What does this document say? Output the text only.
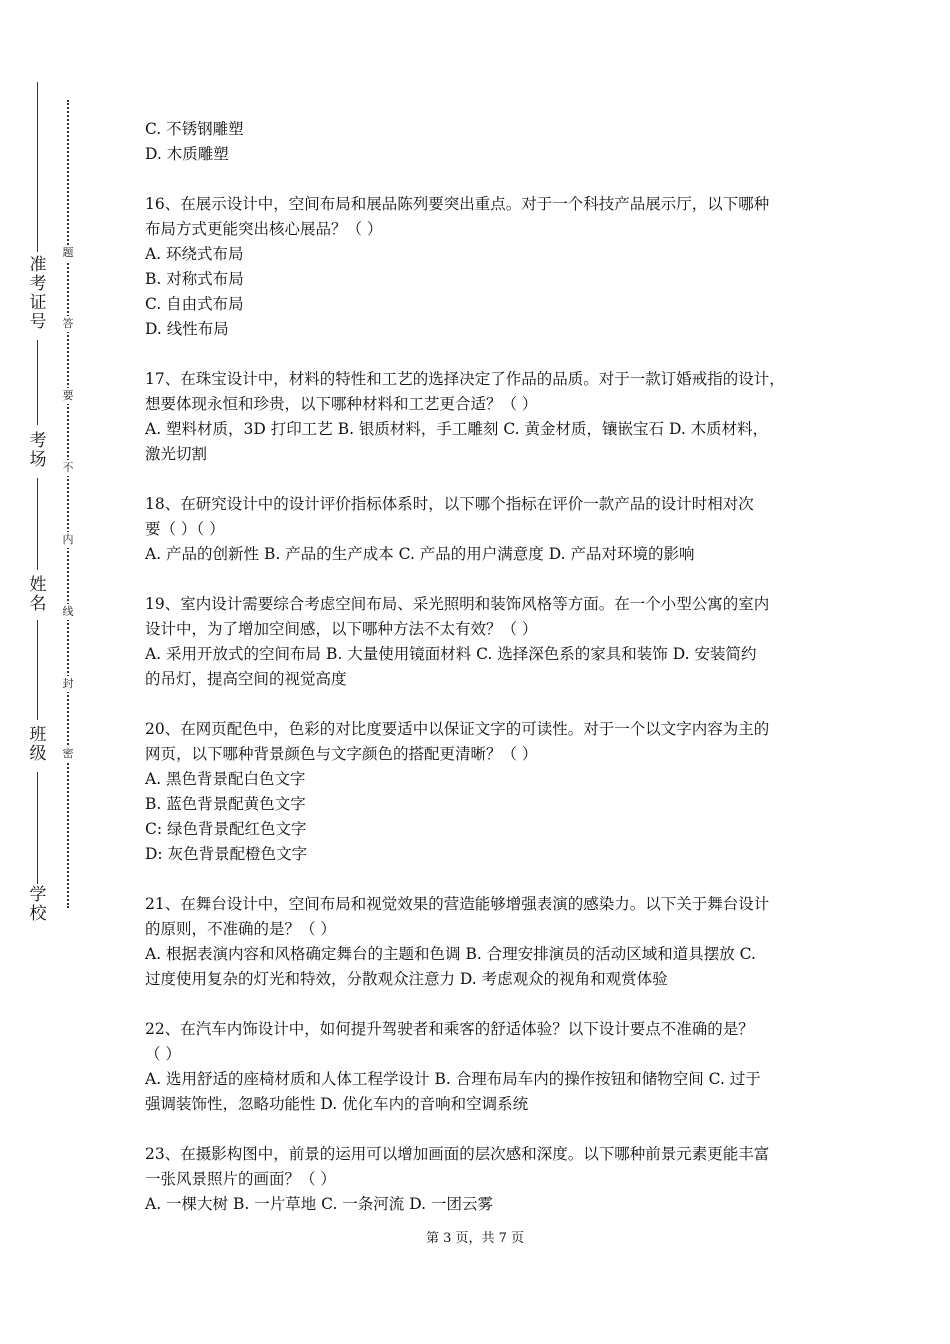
准
考
证
号
考
场
姓
名
班
级
学
校
题
答
要
不
内
线
封
密

C. 不锈钢雕塑

D. 木质雕塑

16、在展示设计中，空间布局和展品陈列要突出重点。对于一个科技产品展示厅，以下哪种

布局方式更能突出核心展品？（ ）

A. 环绕式布局

B. 对称式布局

C. 自由式布局

D. 线性布局

17、在珠宝设计中，材料的特性和工艺的选择决定了作品的品质。对于一款订婚戒指的设计，

想要体现永恒和珍贵，以下哪种材料和工艺更合适？（ ）

A. 塑料材质，3D 打印工艺 B. 银质材料，手工雕刻 C. 黄金材质，镶嵌宝石 D. 木质材料，

激光切割

18、在研究设计中的设计评价指标体系时，以下哪个指标在评价一款产品的设计时相对次

要（ ）（ ）

A. 产品的创新性 B. 产品的生产成本 C. 产品的用户满意度 D. 产品对环境的影响

19、室内设计需要综合考虑空间布局、采光照明和装饰风格等方面。在一个小型公寓的室内

设计中，为了增加空间感，以下哪种方法不太有效？（ ）

A. 采用开放式的空间布局 B. 大量使用镜面材料 C. 选择深色系的家具和装饰 D. 安装简约

的吊灯，提高空间的视觉高度

20、在网页配色中，色彩的对比度要适中以保证文字的可读性。对于一个以文字内容为主的

网页，以下哪种背景颜色与文字颜色的搭配更清晰？（ ）

A. 黑色背景配白色文字

B. 蓝色背景配黄色文字

C: 绿色背景配红色文字

D: 灰色背景配橙色文字

21、在舞台设计中，空间布局和视觉效果的营造能够增强表演的感染力。以下关于舞台设计

的原则，不准确的是？（ ）

A. 根据表演内容和风格确定舞台的主题和色调 B. 合理安排演员的活动区域和道具摆放 C.

过度使用复杂的灯光和特效，分散观众注意力 D. 考虑观众的视角和观赏体验

22、在汽车内饰设计中，如何提升驾驶者和乘客的舒适体验？以下设计要点不准确的是？

（ ）

A. 选用舒适的座椅材质和人体工程学设计 B. 合理布局车内的操作按钮和储物空间 C. 过于

强调装饰性，忽略功能性 D. 优化车内的音响和空调系统

23、在摄影构图中，前景的运用可以增加画面的层次感和深度。以下哪种前景元素更能丰富

一张风景照片的画面？（ ）

A. 一棵大树 B. 一片草地 C. 一条河流 D. 一团云雾

第 3 页，共 7 页
